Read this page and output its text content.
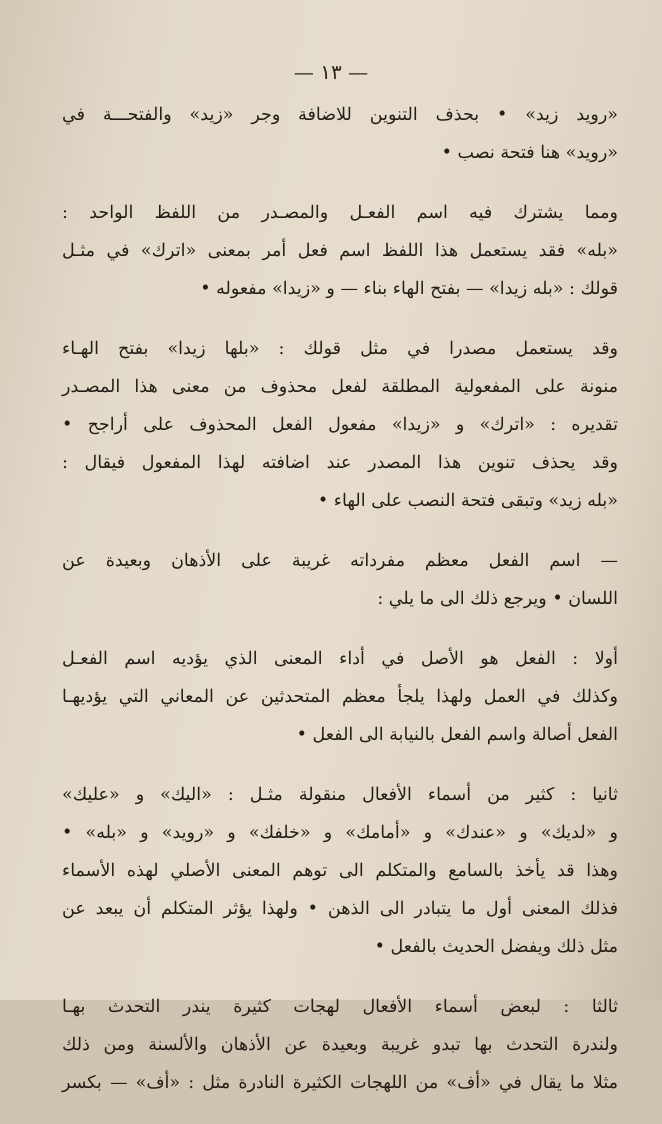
— ١٣ —
«رويد زيد» • بحذف التنوين للاضافة وجر «زيد» والفتحـــة في
«رويد» هنا فتحة نصب •
ومما يشترك فيه اسم الفعـل والمصـدر من اللفظ الواحد :
«بله» فقد يستعمل هذا اللفظ اسم فعل أمر بمعنى «اترك» في مثـل
قولك : «بله زيدا» — بفتح الهاء بناء — و «زيدا» مفعوله •
وقد يستعمل مصدرا في مثل قولك : «بلها زيدا» بفتح الهـاء
منونة على المفعولية المطلقة لفعل محذوف من معنى هذا المصـدر
تقديره : «اترك» و «زيدا» مفعول الفعل المحذوف على أراجح •
وقد يحذف تنوين هذا المصدر عند اضافته لهذا المفعول فيقال :
«بله زيد» وتبقى فتحة النصب على الهاء •
— اسم الفعل معظم مفرداته غريبة على الأذهان وبعيدة عن
اللسان • ويرجع ذلك الى ما يلي :
أولا : الفعل هو الأصل في أداء المعنى الذي يؤديه اسم الفعـل
وكذلك في العمل ولهذا يلجأ معظم المتحدثين عن المعاني التي يؤديهـا
الفعل أصالة واسم الفعل بالنيابة الى الفعل •
ثانيا : كثير من أسماء الأفعال منقولة مثـل : «اليك» و «عليك»
و «لديك» و «عندك» و «أمامك» و «خلفك» و «رويد» و «بله» •
وهذا قد يأخذ بالسامع والمتكلم الى توهم المعنى الأصلي لهذه الأسماء
فذلك المعنى أول ما يتبادر الى الذهن • ولهذا يؤثر المتكلم أن يبعد عن
مثل ذلك ويفضل الحديث بالفعل •
ثالثا : لبعض أسماء الأفعال لهجات كثيرة يندر التحدث بهـا
ولندرة التحدث بها تبدو غريبة وبعيدة عن الأذهان والألسنة ومن ذلك
مثلا ما يقال في «أف» من اللهجات الكثيرة النادرة مثل : «أف» — بكسر
